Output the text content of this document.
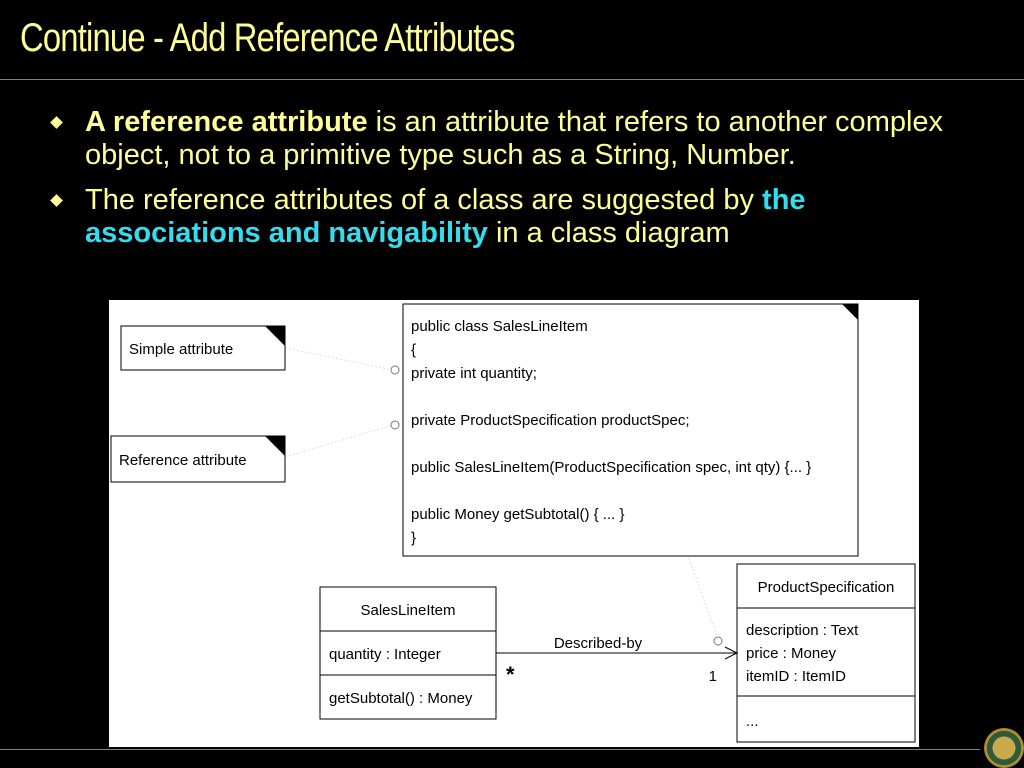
Continue - Add Reference Attributes
A reference attribute is an attribute that refers to another complex object, not to a primitive type such as a String, Number.
The reference attributes of a class are suggested by the associations and navigability in a class diagram
Simple attribute
Reference attribute
public class SalesLineItem
{
private int quantity;
private ProductSpecification productSpec;
public SalesLineItem(ProductSpecification spec, int qty) {... }
public Money getSubtotal() { ... }
}
SalesLineItem
quantity : Integer
getSubtotal() : Money
ProductSpecification
description : Text
price : Money
itemID : ItemID
...
Described-by
*	1
